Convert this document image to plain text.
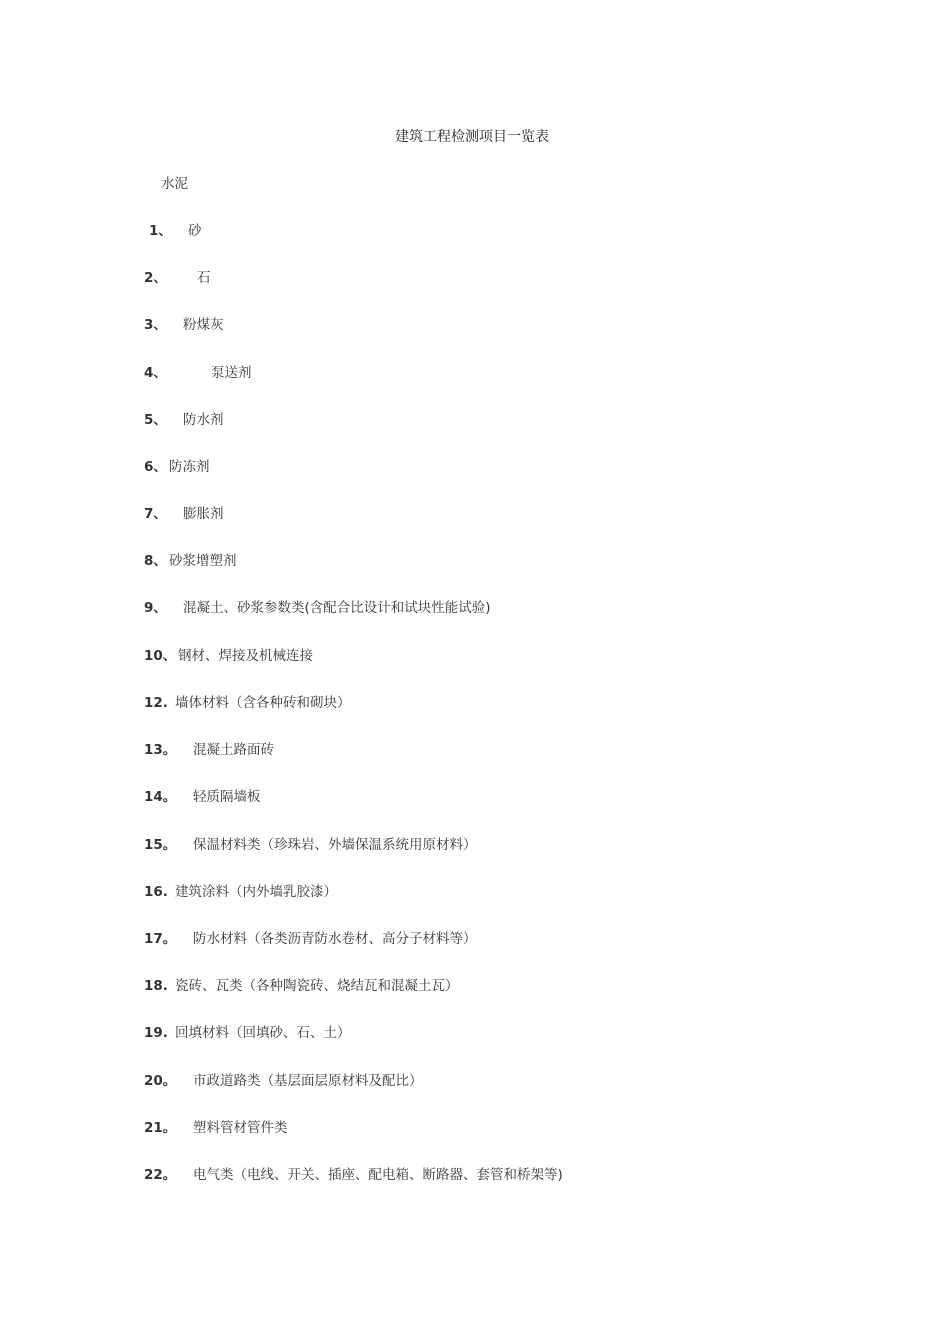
建筑工程检测项目一览表
水泥
1、 砂
2、 石
3、 粉煤灰
4、	泵送剂
5、 防水剂
6、 防冻剂
7、 膨胀剂
8、 砂浆增塑剂
9、 混凝土、砂浆参数类(含配合比设计和试块性能试验)
10、 钢材、焊接及机械连接
12. 墙体材料（含各种砖和砌块）
13。 混凝土路面砖
14。 轻质隔墙板
15。 保温材料类（珍珠岩、外墙保温系统用原材料）
16. 建筑涂料（内外墙乳胶漆）
17。 防水材料（各类沥青防水卷材、高分子材料等）
18. 瓷砖、瓦类（各种陶瓷砖、烧结瓦和混凝土瓦）
19. 回填材料（回填砂、石、土）
20。 市政道路类（基层面层原材料及配比）
21。 塑料管材管件类
22。 电气类（电线、开关、插座、配电箱、断路器、套管和桥架等)
